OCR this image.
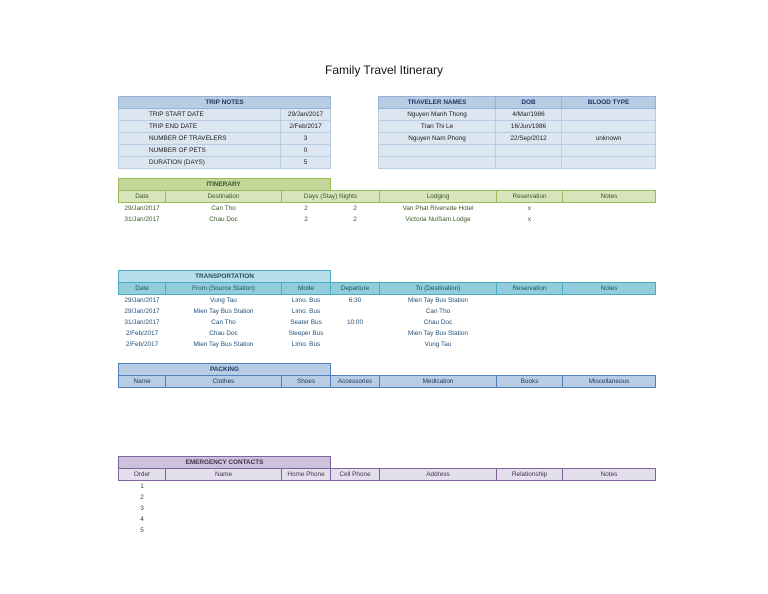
Family Travel Itinerary
TRIP NOTES	
TRIP START DATE	29/Jan/2017
TRIP END DATE	2/Feb/2017
NUMBER OF TRAVELERS	3
NUMBER OF PETS	0
DURATION (DAYS)	5
TRAVELER NAMES	DOB	BLOOD TYPE
Nguyen Manh Thong	4/Mar/1986	
Tran Thi Le	16/Jun/1986	
Nguyen Nam Phong	22/Sep/2012	unknown

ITINERARY						
Date	Destination	Days (Stay) Nights		Lodging	Reservation	Notes
29/Jan/2017	Can Tho	2	2	Van Phat Riverside Hotel	x	
31/Jan/2017	Chau Doc	2	2	Victoria NuiSam Lodge	x	
TRANSPORTATION						
Date	From (Source Station)	Mode	Departure	To (Destination)	Reservation	Notes
29/Jan/2017	Vung Tau	Limo. Bus	6:30	Mien Tay Bus Station		
29/Jan/2017	Mien Tay Bus Station	Limo. Bus		Can Tho		
31/Jan/2017	Can Tho	Seater Bus	10:00	Chau Doc		
2/Feb/2017	Chau Doc	Sleeper Bus		Mien Tay Bus Station		
2/Feb/2017	Mien Tay Bus Station	Limo. Bus		Vung Tau		
PACKING						
Name	Clothes	Shoes	Accessories	Medication	Books	Miscellaneous
EMERGENCY CONTACTS						
Order	Name	Home Phone	Cell Phone	Address	Relationship	Notes
1						
2						
3						
4						
5						
